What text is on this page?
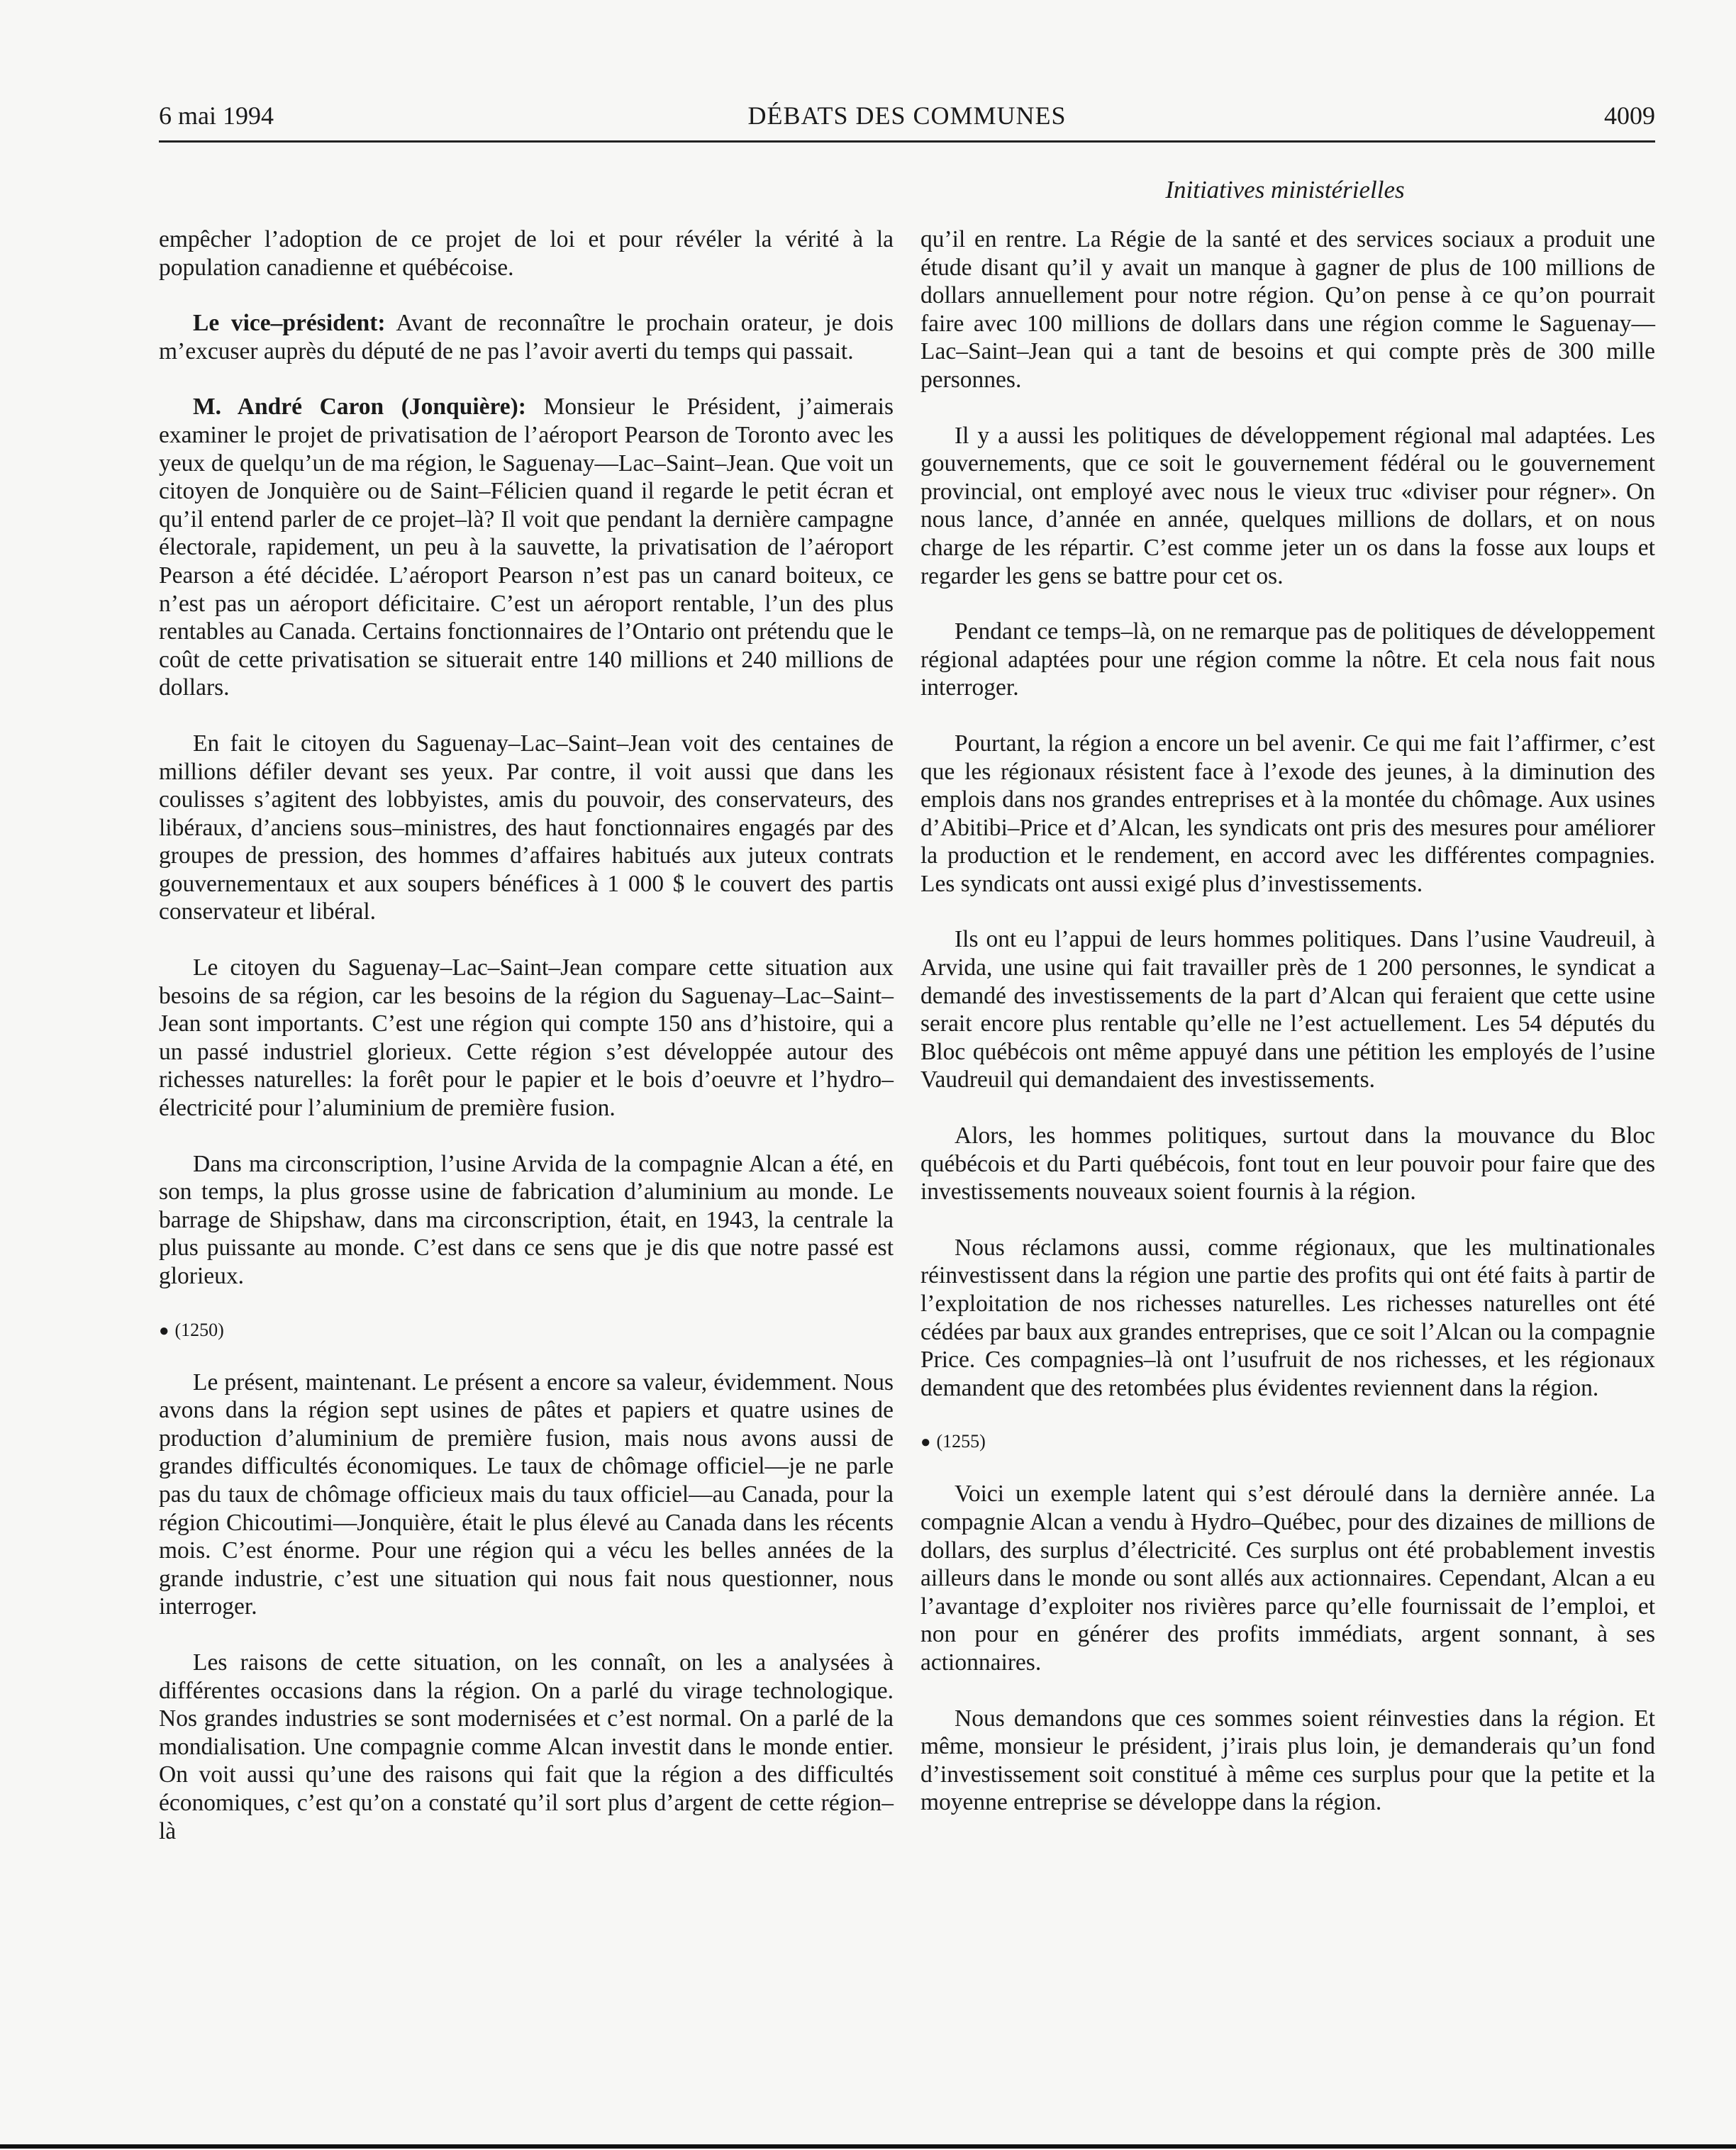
6 mai 1994	DÉBATS DES COMMUNES	4009
Initiatives ministérielles

empêcher l’adoption de ce projet de loi et pour révéler la vérité à la population canadienne et québécoise.

Le vice–président: Avant de reconnaître le prochain orateur, je dois m’excuser auprès du député de ne pas l’avoir averti du temps qui passait.

M. André Caron (Jonquière): Monsieur le Président, j’aimerais examiner le projet de privatisation de l’aéroport Pearson de Toronto avec les yeux de quelqu’un de ma région, le Saguenay—Lac–Saint–Jean. Que voit un citoyen de Jonquière ou de Saint–Félicien quand il regarde le petit écran et qu’il entend parler de ce projet–là? Il voit que pendant la dernière campagne électorale, rapidement, un peu à la sauvette, la privatisation de l’aéroport Pearson a été décidée. L’aéroport Pearson n’est pas un canard boiteux, ce n’est pas un aéroport déficitaire. C’est un aéroport rentable, l’un des plus rentables au Canada. Certains fonctionnaires de l’Ontario ont prétendu que le coût de cette privatisation se situerait entre 140 millions et 240 millions de dollars.

En fait le citoyen du Saguenay–Lac–Saint–Jean voit des centaines de millions défiler devant ses yeux. Par contre, il voit aussi que dans les coulisses s’agitent des lobbyistes, amis du pouvoir, des conservateurs, des libéraux, d’anciens sous–ministres, des haut fonctionnaires engagés par des groupes de pression, des hommes d’affaires habitués aux juteux contrats gouvernementaux et aux soupers bénéfices à 1 000 $ le couvert des partis conservateur et libéral.

Le citoyen du Saguenay–Lac–Saint–Jean compare cette situation aux besoins de sa région, car les besoins de la région du Saguenay–Lac–Saint–Jean sont importants. C’est une région qui compte 150 ans d’histoire, qui a un passé industriel glorieux. Cette région s’est développée autour des richesses naturelles: la forêt pour le papier et le bois d’oeuvre et l’hydro–électricité pour l’aluminium de première fusion.

Dans ma circonscription, l’usine Arvida de la compagnie Alcan a été, en son temps, la plus grosse usine de fabrication d’aluminium au monde. Le barrage de Shipshaw, dans ma circonscription, était, en 1943, la centrale la plus puissante au monde. C’est dans ce sens que je dis que notre passé est glorieux.

● (1250)

Le présent, maintenant. Le présent a encore sa valeur, évidemment. Nous avons dans la région sept usines de pâtes et papiers et quatre usines de production d’aluminium de première fusion, mais nous avons aussi de grandes difficultés économiques. Le taux de chômage officiel—je ne parle pas du taux de chômage officieux mais du taux officiel—au Canada, pour la région Chicoutimi—Jonquière, était le plus élevé au Canada dans les récents mois. C’est énorme. Pour une région qui a vécu les belles années de la grande industrie, c’est une situation qui nous fait nous questionner, nous interroger.

Les raisons de cette situation, on les connaît, on les a analysées à différentes occasions dans la région. On a parlé du virage technologique. Nos grandes industries se sont modernisées et c’est normal. On a parlé de la mondialisation. Une compagnie comme Alcan investit dans le monde entier. On voit aussi qu’une des raisons qui fait que la région a des difficultés économiques, c’est qu’on a constaté qu’il sort plus d’argent de cette région–là

qu’il en rentre. La Régie de la santé et des services sociaux a produit une étude disant qu’il y avait un manque à gagner de plus de 100 millions de dollars annuellement pour notre région. Qu’on pense à ce qu’on pourrait faire avec 100 millions de dollars dans une région comme le Saguenay—Lac–Saint–Jean qui a tant de besoins et qui compte près de 300 mille personnes.

Il y a aussi les politiques de développement régional mal adaptées. Les gouvernements, que ce soit le gouvernement fédéral ou le gouvernement provincial, ont employé avec nous le vieux truc «diviser pour régner». On nous lance, d’année en année, quelques millions de dollars, et on nous charge de les répartir. C’est comme jeter un os dans la fosse aux loups et regarder les gens se battre pour cet os.

Pendant ce temps–là, on ne remarque pas de politiques de développement régional adaptées pour une région comme la nôtre. Et cela nous fait nous interroger.

Pourtant, la région a encore un bel avenir. Ce qui me fait l’affirmer, c’est que les régionaux résistent face à l’exode des jeunes, à la diminution des emplois dans nos grandes entreprises et à la montée du chômage. Aux usines d’Abitibi–Price et d’Alcan, les syndicats ont pris des mesures pour améliorer la production et le rendement, en accord avec les différentes compagnies. Les syndicats ont aussi exigé plus d’investissements.

Ils ont eu l’appui de leurs hommes politiques. Dans l’usine Vaudreuil, à Arvida, une usine qui fait travailler près de 1 200 personnes, le syndicat a demandé des investissements de la part d’Alcan qui feraient que cette usine serait encore plus rentable qu’elle ne l’est actuellement. Les 54 députés du Bloc québécois ont même appuyé dans une pétition les employés de l’usine Vaudreuil qui demandaient des investissements.

Alors, les hommes politiques, surtout dans la mouvance du Bloc québécois et du Parti québécois, font tout en leur pouvoir pour faire que des investissements nouveaux soient fournis à la région.

Nous réclamons aussi, comme régionaux, que les multinationales réinvestissent dans la région une partie des profits qui ont été faits à partir de l’exploitation de nos richesses naturelles. Les richesses naturelles ont été cédées par baux aux grandes entreprises, que ce soit l’Alcan ou la compagnie Price. Ces compagnies–là ont l’usufruit de nos richesses, et les régionaux demandent que des retombées plus évidentes reviennent dans la région.

● (1255)

Voici un exemple latent qui s’est déroulé dans la dernière année. La compagnie Alcan a vendu à Hydro–Québec, pour des dizaines de millions de dollars, des surplus d’électricité. Ces surplus ont été probablement investis ailleurs dans le monde ou sont allés aux actionnaires. Cependant, Alcan a eu l’avantage d’exploiter nos rivières parce qu’elle fournissait de l’emploi, et non pour en générer des profits immédiats, argent sonnant, à ses actionnaires.

Nous demandons que ces sommes soient réinvesties dans la région. Et même, monsieur le président, j’irais plus loin, je demanderais qu’un fond d’investissement soit constitué à même ces surplus pour que la petite et la moyenne entreprise se développe dans la région.
